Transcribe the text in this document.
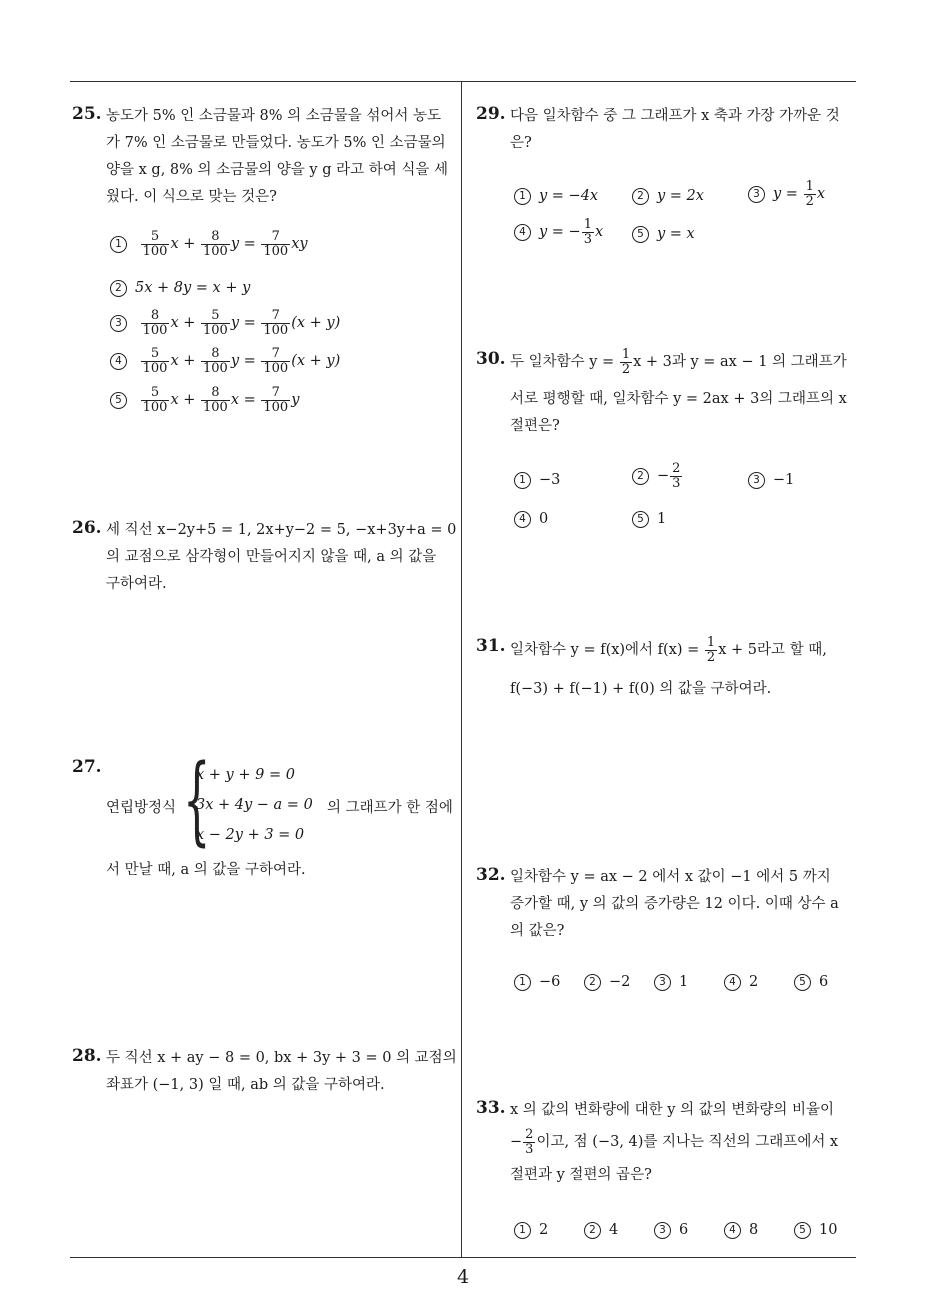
25. 농도가 5% 인 소금물과 8% 의 소금물을 섞어서 농도
가 7% 인 소금물로 만들었다. 농도가 5% 인 소금물의
양을 x g, 8% 의 소금물의 양을 y g 라고 하여 식을 세
웠다. 이 식으로 맞는 것은?
$1 \frac{5}{100}$ $x + \frac{8}{100}$ $y = \frac{7}{100}$ xy
2 5x + 8y = x + y
$3 \frac{8}{100}$ $x + \frac{5}{100}$ $y = \frac{7}{100} (x + y)$
$4 \frac{5}{100}$ $x + \frac{8}{100}$ $y = \frac{7}{100} (x + y)$
$5 \frac{5}{100}$ $x + \frac{8}{100}$ $x = \frac{7}{100}$ y
26. 세 직선 x−2y+5 = 1, 2x+y−2 = 5, −x+3y+a = 0
의 교점으로 삼각형이 만들어지지 않을 때, a 의 값을
구하여라.
27.
연립방정식 {
x + y + 9 = 0
3x + 4y − a = 0
x − 2y + 3 = 0
의 그래프가 한 점에
서 만날 때, a 의 값을 구하여라.
28. 두 직선 x + ay − 8 = 0, bx + 3y + 3 = 0 의 교점의
좌표가 (−1, 3) 일 때, ab 의 값을 구하여라.
29. 다음 일차함수 중 그 그래프가 x 축과 가장 가까운 것
은?
1 y = −4x	2 y = 2x	3 $y = \frac{1}{2}$ x
4 y = − $\frac{1}{3}$ x	5 y = x
30. 두 일차함수 $y = \frac{1}{2}$ x + 3과 y = ax − 1 의 그래프가
서로 평행할 때, 일차함수 y = 2ax + 3의 그래프의 x
절편은?
1 −3	$2 - \frac{2}{3}$	3 −1
4 0	5 1
31. 일차함수 y = f(x)에서 $f(x) = \frac{1}{2}$ x + 5라고 할 때,
f(−3) + f(−1) + f(0) 의 값을 구하여라.
32. 일차함수 y = ax − 2 에서 x 값이 −1 에서 5 까지
증가할 때, y 의 값의 증가량은 12 이다. 이때 상수 a
의 값은?
1 −6	2 −2	3 1	4 2	5 6
33. x 의 값의 변화량에 대한 y 의 값의 변화량의 비율이
− $\frac{2}{3}$ 이고, 점 (−3, 4)를 지나는 직선의 그래프에서 x
절편과 y 절편의 곱은?
1 2	2 4	3 6	4 8	5 10
4
